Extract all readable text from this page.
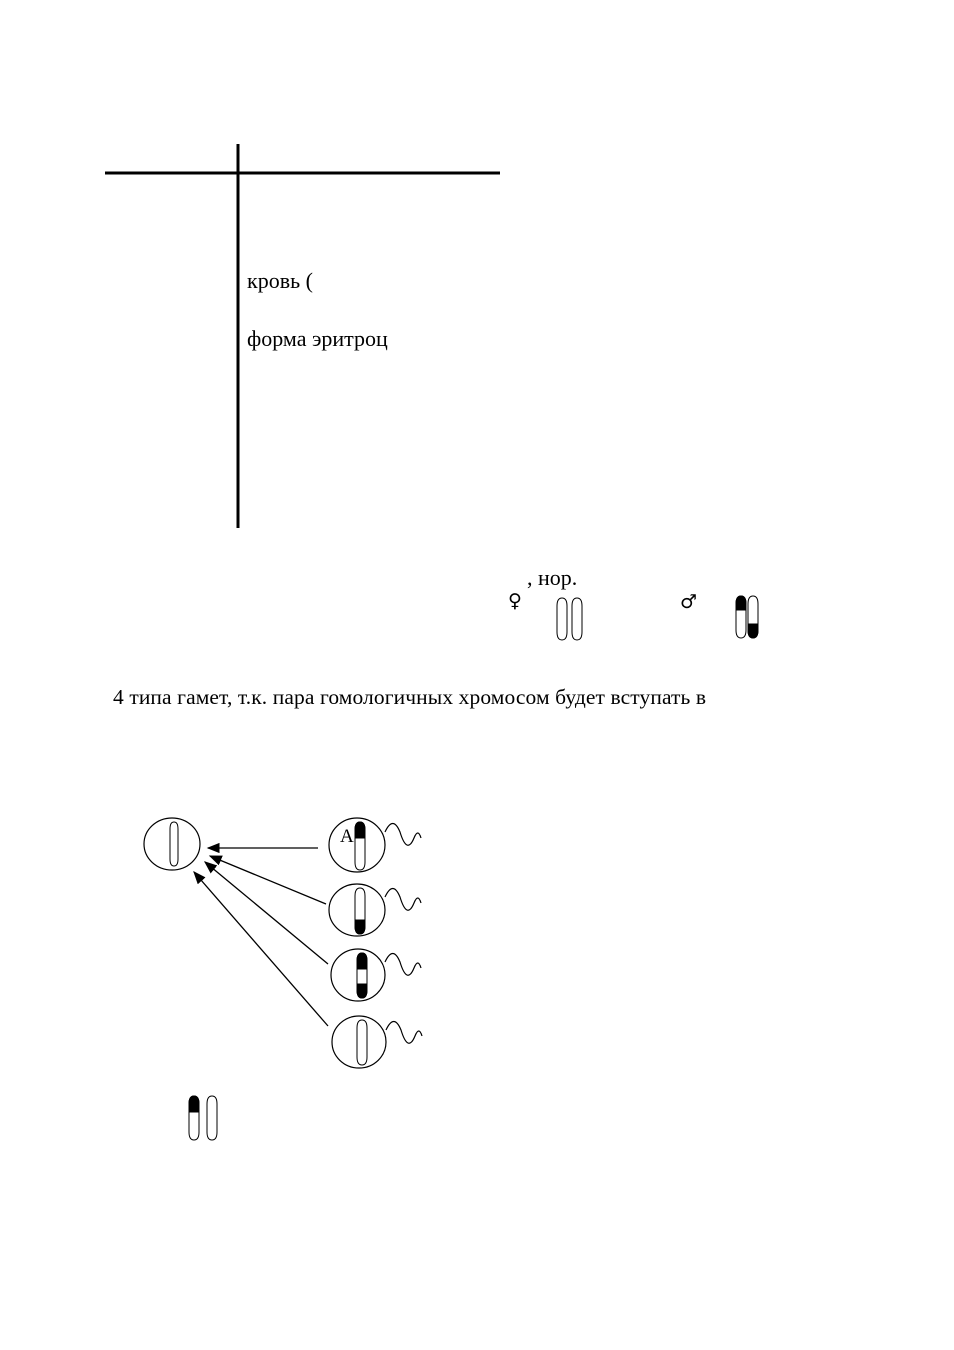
кровь (
форма эритроц
, нор.
♀	♂
4 типа гамет, т.к. пара гомологичных хромосом будет вступать в
A
